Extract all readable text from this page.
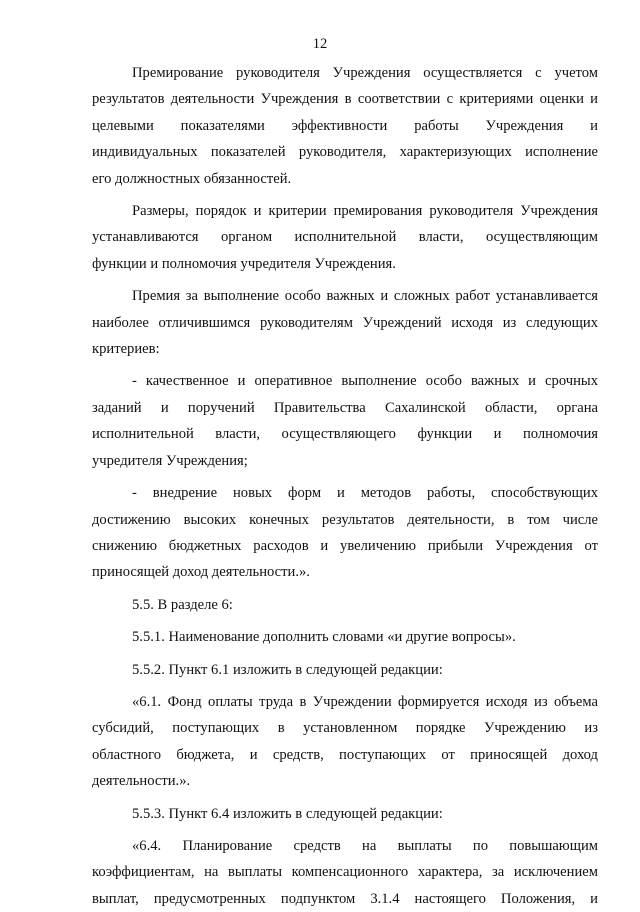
12

Премирование руководителя Учреждения осуществляется с учетом
результатов деятельности Учреждения в соответствии с критериями оценки и
целевыми показателями эффективности работы Учреждения и
индивидуальных показателей руководителя, характеризующих исполнение
его должностных обязанностей.

Размеры, порядок и критерии премирования руководителя Учреждения
устанавливаются органом исполнительной власти, осуществляющим
функции и полномочия учредителя Учреждения.

Премия за выполнение особо важных и сложных работ устанавливается
наиболее отличившимся руководителям Учреждений исходя из следующих
критериев:

- качественное и оперативное выполнение особо важных и срочных
заданий и поручений Правительства Сахалинской области, органа
исполнительной власти, осуществляющего функции и полномочия
учредителя Учреждения;

- внедрение новых форм и методов работы, способствующих
достижению высоких конечных результатов деятельности, в том числе
снижению бюджетных расходов и увеличению прибыли Учреждения от
приносящей доход деятельности.».

5.5. В разделе 6:

5.5.1. Наименование дополнить словами «и другие вопросы».

5.5.2. Пункт 6.1 изложить в следующей редакции:

«6.1. Фонд оплаты труда в Учреждении формируется исходя из объема
субсидий, поступающих в установленном порядке Учреждению из
областного бюджета, и средств, поступающих от приносящей доход
деятельности.».

5.5.3. Пункт 6.4 изложить в следующей редакции:

«6.4. Планирование средств на выплаты по повышающим
коэффициентам, на выплаты компенсационного характера, за исключением
выплат, предусмотренных подпунктом 3.1.4 настоящего Положения, и
